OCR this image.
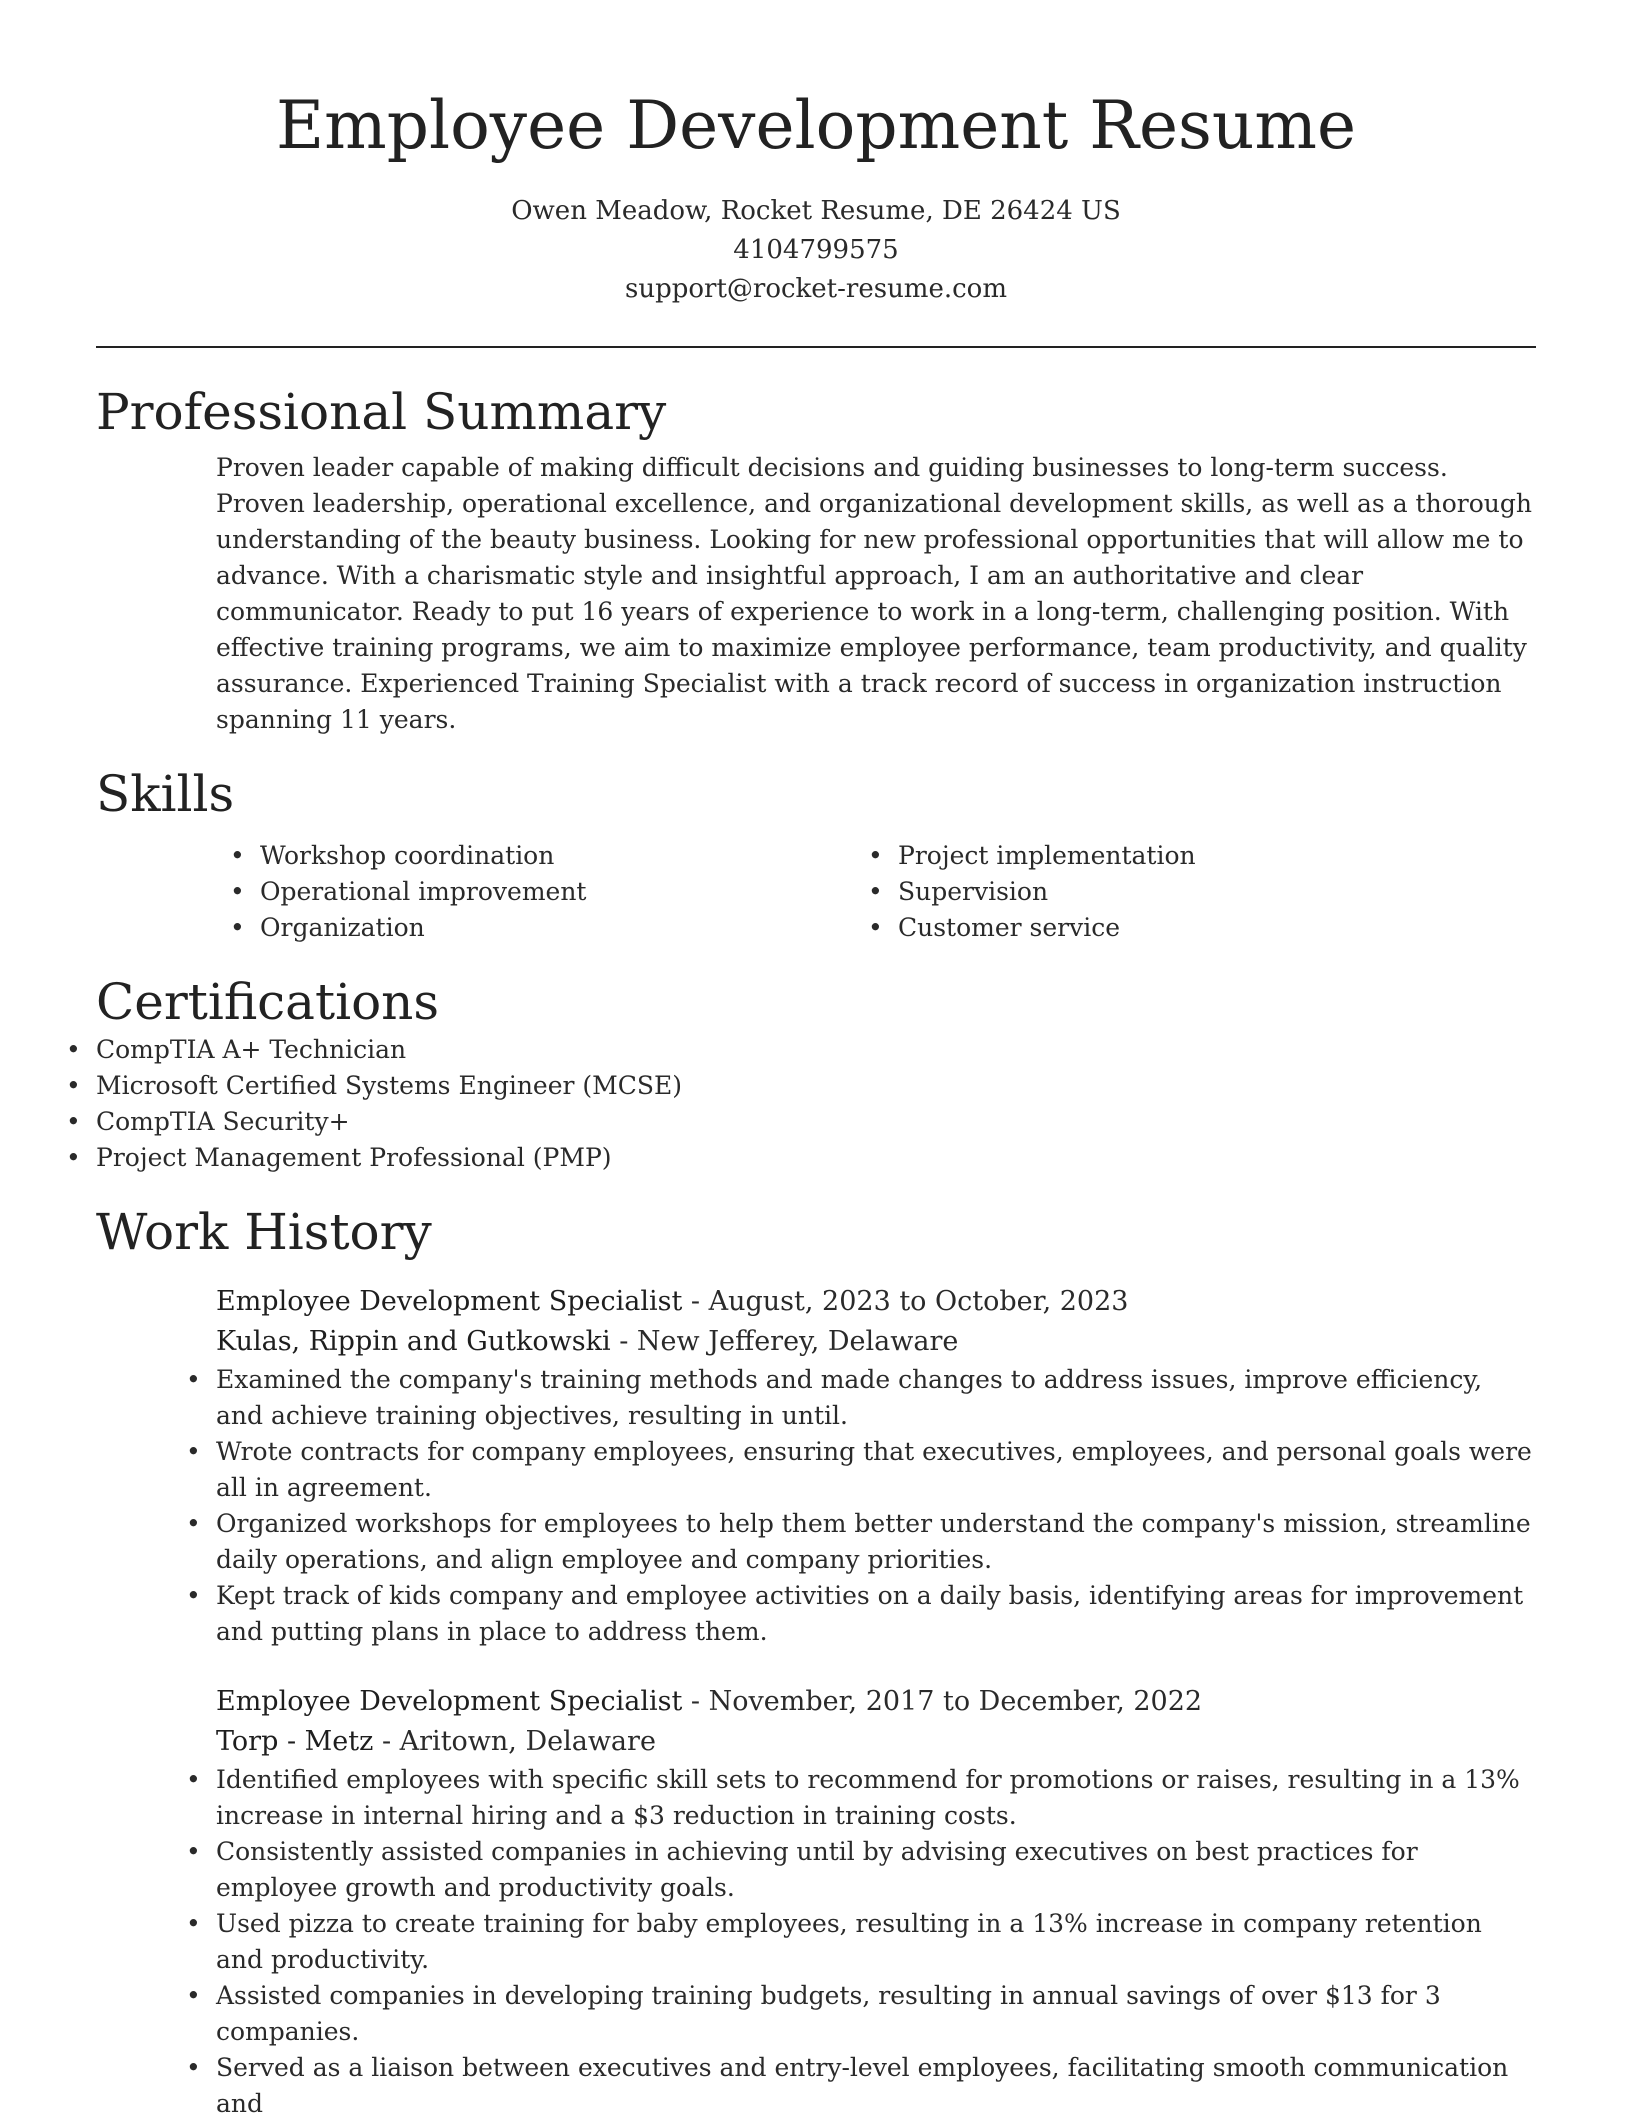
Employee Development Resume
Owen Meadow, Rocket Resume, DE 26424 US
4104799575
support@rocket-resume.com
Professional Summary
Proven leader capable of making difficult decisions and guiding businesses to long-term success. Proven leadership, operational excellence, and organizational development skills, as well as a thorough understanding of the beauty business. Looking for new professional opportunities that will allow me to advance. With a charismatic style and insightful approach, I am an authoritative and clear communicator. Ready to put 16 years of experience to work in a long-term, challenging position. With effective training programs, we aim to maximize employee performance, team productivity, and quality assurance. Experienced Training Specialist with a track record of success in organization instruction spanning 11 years.
Skills
• Workshop coordination
• Operational improvement
• Organization
• Project implementation
• Supervision
• Customer service
Certifications
• CompTIA A+ Technician
• Microsoft Certified Systems Engineer (MCSE)
• CompTIA Security+
• Project Management Professional (PMP)
Work History
Employee Development Specialist - August, 2023 to October, 2023
Kulas, Rippin and Gutkowski - New Jefferey, Delaware
• Examined the company's training methods and made changes to address issues, improve efficiency, and achieve training objectives, resulting in until.
• Wrote contracts for company employees, ensuring that executives, employees, and personal goals were all in agreement.
• Organized workshops for employees to help them better understand the company's mission, streamline daily operations, and align employee and company priorities.
• Kept track of kids company and employee activities on a daily basis, identifying areas for improvement and putting plans in place to address them.
Employee Development Specialist - November, 2017 to December, 2022
Torp - Metz - Aritown, Delaware
• Identified employees with specific skill sets to recommend for promotions or raises, resulting in a 13% increase in internal hiring and a $3 reduction in training costs.
• Consistently assisted companies in achieving until by advising executives on best practices for employee growth and productivity goals.
• Used pizza to create training for baby employees, resulting in a 13% increase in company retention and productivity.
• Assisted companies in developing training budgets, resulting in annual savings of over $13 for 3 companies.
• Served as a liaison between executives and entry-level employees, facilitating smooth communication and
